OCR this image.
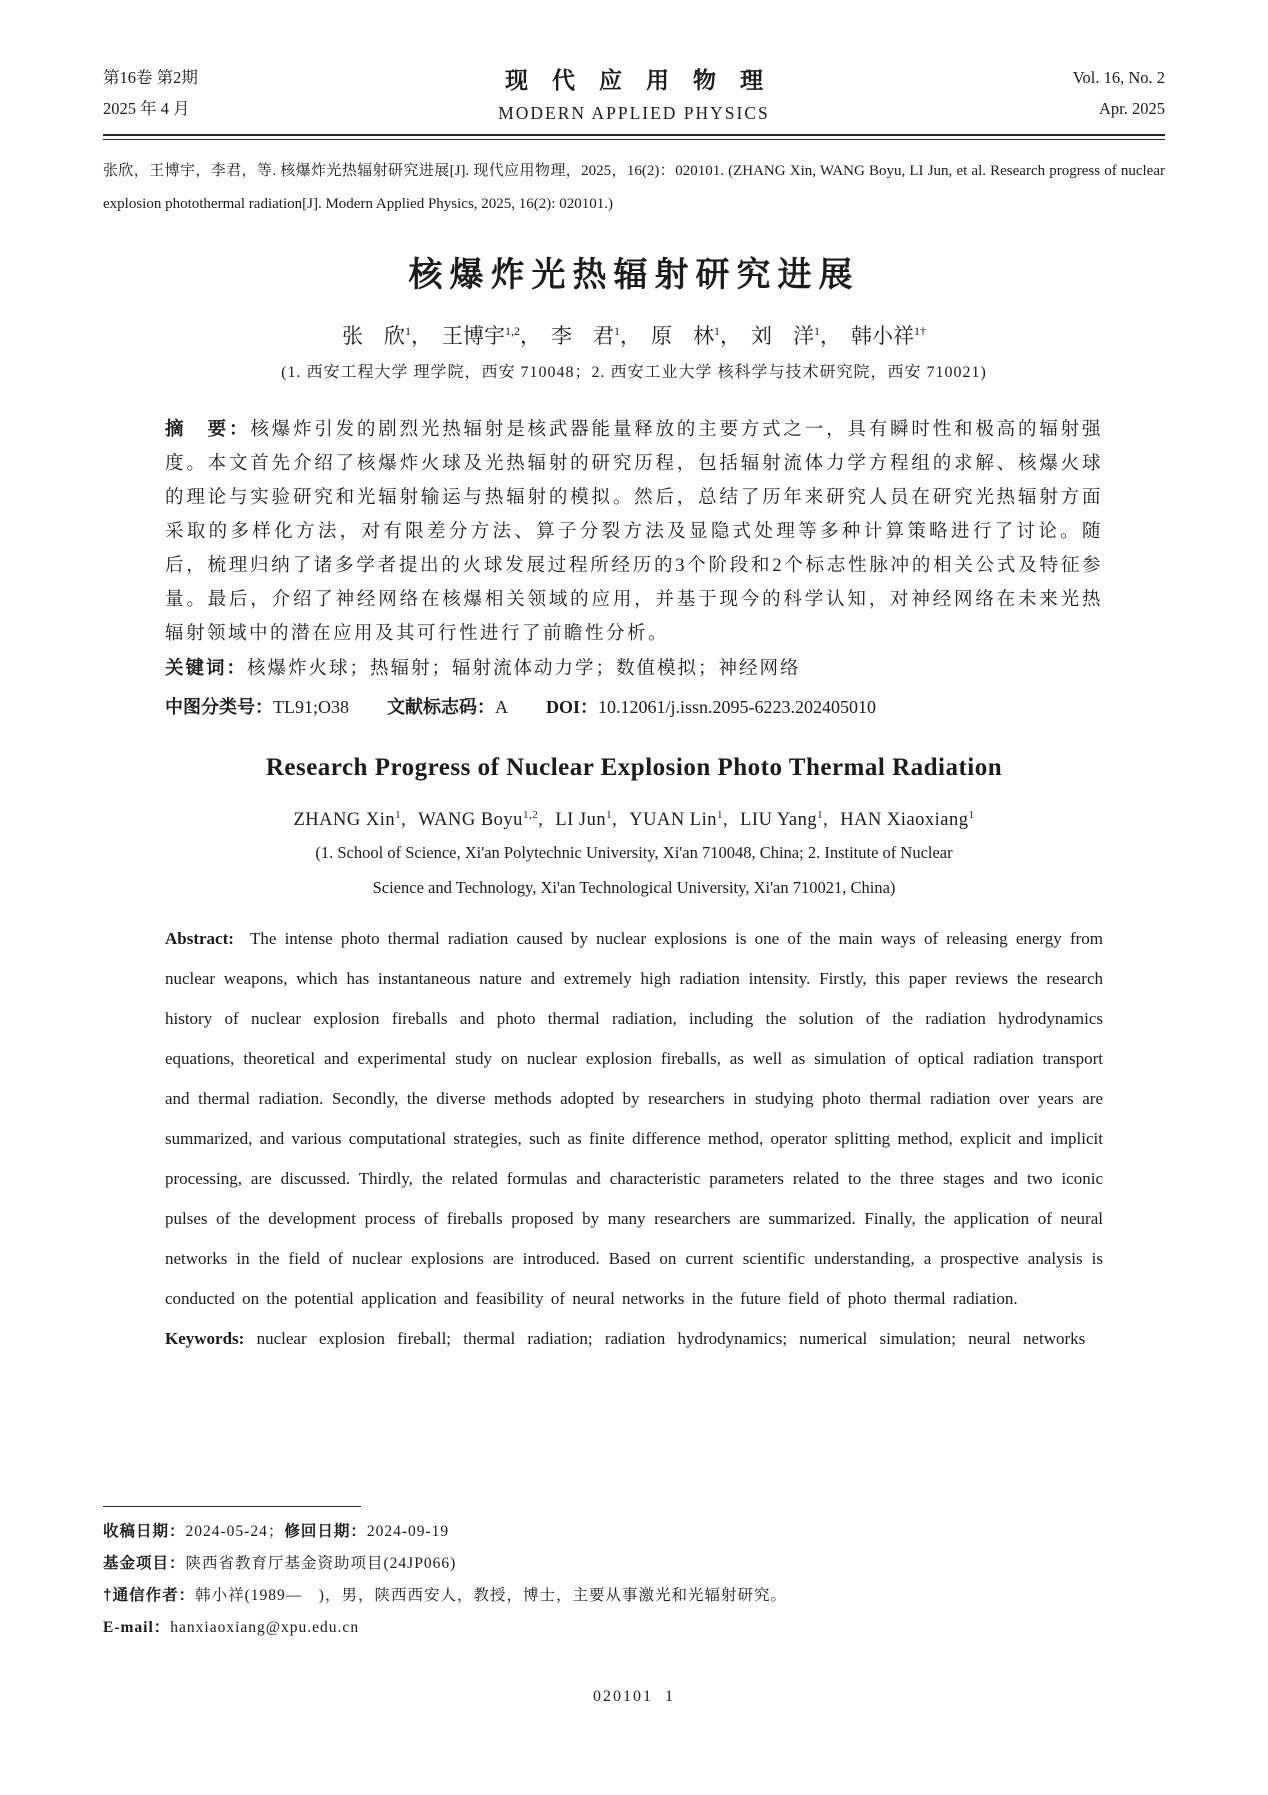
第16卷 第2期
2025 年 4 月
现代应用物理
MODERN APPLIED PHYSICS
Vol. 16, No. 2
Apr. 2025

张欣，王博宇，李君，等. 核爆炸光热辐射研究进展[J]. 现代应用物理，2025，16(2)：020101. (ZHANG Xin, WANG Boyu, LI Jun, et al. Research progress of nuclear explosion photothermal radiation[J]. Modern Applied Physics, 2025, 16(2): 020101.)

核爆炸光热辐射研究进展
张　欣$^1$， 王博宇$^{1,2}$， 李　君$^1$， 原　林$^1$， 刘　洋$^1$， 韩小祥$^{1\dagger}$
(1. 西安工程大学 理学院，西安 710048；2. 西安工业大学 核科学与技术研究院，西安 710021)

摘　要：核爆炸引发的剧烈光热辐射是核武器能量释放的主要方式之一，具有瞬时性和极高的辐射强度。本文首先介绍了核爆炸火球及光热辐射的研究历程，包括辐射流体力学方程组的求解、核爆火球的理论与实验研究和光辐射输运与热辐射的模拟。然后，总结了历年来研究人员在研究光热辐射方面采取的多样化方法，对有限差分方法、算子分裂方法及显隐式处理等多种计算策略进行了讨论。随后，梳理归纳了诸多学者提出的火球发展过程所经历的3个阶段和2个标志性脉冲的相关公式及特征参量。最后，介绍了神经网络在核爆相关领域的应用，并基于现今的科学认知，对神经网络在未来光热辐射领域中的潜在应用及其可行性进行了前瞻性分析。

关键词：核爆炸火球；热辐射；辐射流体动力学；数值模拟；神经网络

中图分类号：TL91;O38 文献标志码：A DOI：10.12061/j.issn.2095-6223.202405010

Research Progress of Nuclear Explosion Photo Thermal Radiation
ZHANG Xin$^1$, WANG Boyu$^{1,2}$, LI Jun$^1$, YUAN Lin$^1$, LIU Yang$^1$, HAN Xiaoxiang$^1$

(1. School of Science, Xi'an Polytechnic University, Xi'an 710048, China; 2. Institute of Nuclear

Science and Technology, Xi'an Technological University, Xi'an 710021, China)

Abstract: The intense photo thermal radiation caused by nuclear explosions is one of the main ways of releasing energy from nuclear weapons, which has instantaneous nature and extremely high radiation intensity. Firstly, this paper reviews the research history of nuclear explosion fireballs and photo thermal radiation, including the solution of the radiation hydrodynamics equations, theoretical and experimental study on nuclear explosion fireballs, as well as simulation of optical radiation transport and thermal radiation. Secondly, the diverse methods adopted by researchers in studying photo thermal radiation over years are summarized, and various computational strategies, such as finite difference method, operator splitting method, explicit and implicit processing, are discussed. Thirdly, the related formulas and characteristic parameters related to the three stages and two iconic pulses of the development process of fireballs proposed by many researchers are summarized. Finally, the application of neural networks in the field of nuclear explosions are introduced. Based on current scientific understanding, a prospective analysis is conducted on the potential application and feasibility of neural networks in the future field of photo thermal radiation.

Keywords: nuclear explosion fireball; thermal radiation; radiation hydrodynamics; numerical simulation; neural networks

收稿日期：2024-05-24；修回日期：2024-09-19

基金项目：陕西省教育厅基金资助项目(24JP066)

†通信作者：韩小祥(1989—　)，男，陕西西安人，教授，博士，主要从事激光和光辐射研究。

E-mail：hanxiaoxiang@xpu.edu.cn

020101  1
